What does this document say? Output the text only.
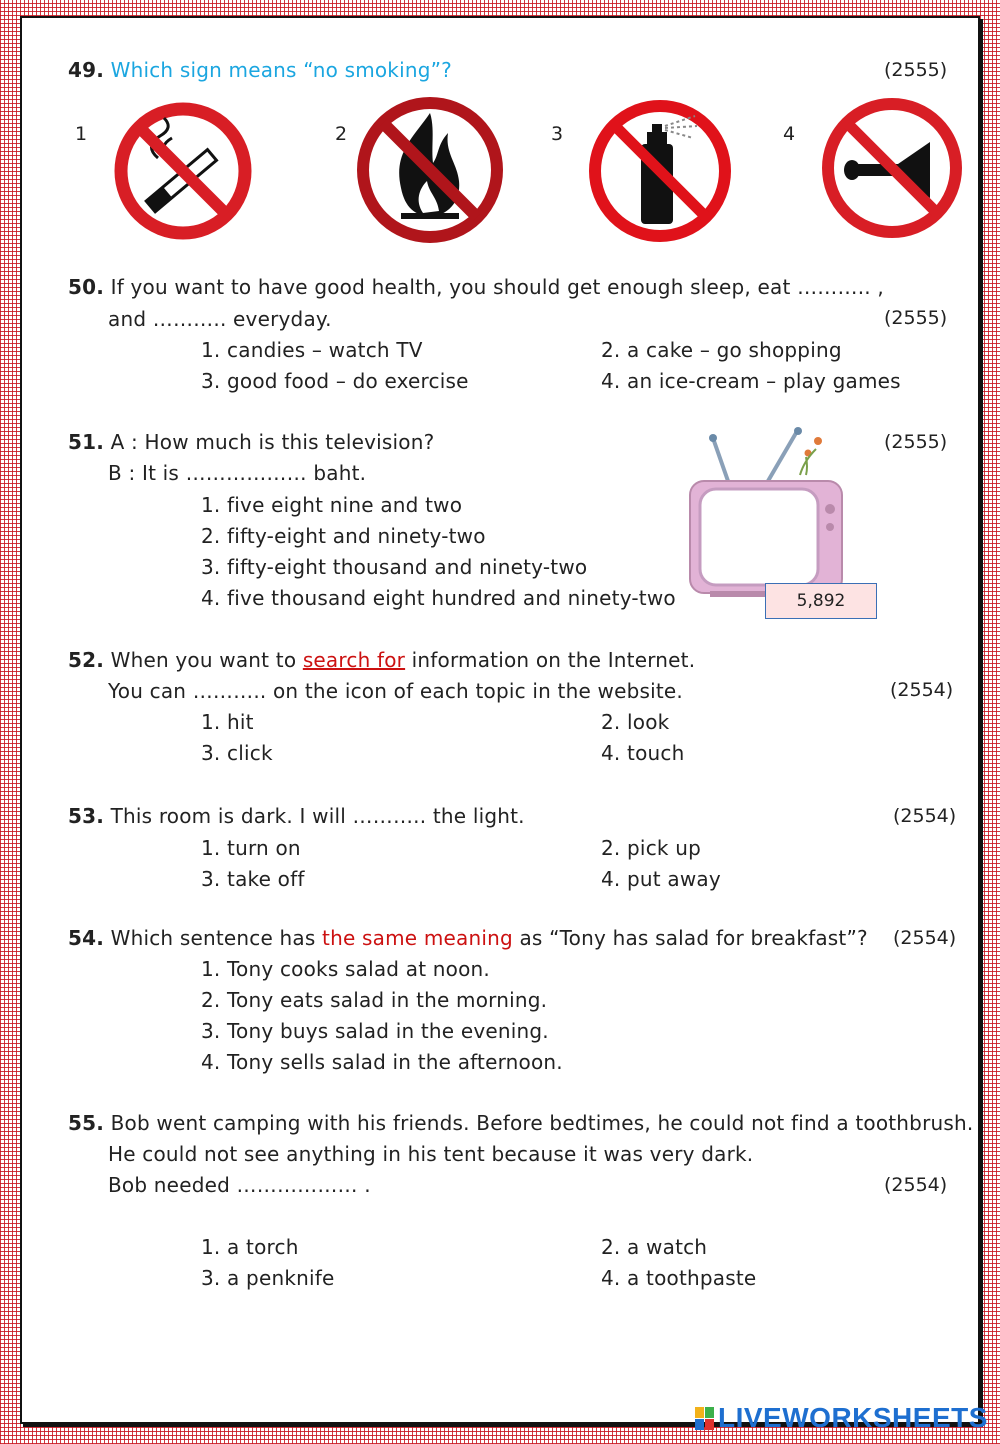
49. Which sign means “no smoking”?	(2555)
1	2	3	4
50. If you want to have good health, you should get enough sleep, eat ……….. ,
and ……….. everyday.	(2555)
1. candies – watch TV	2. a cake – go shopping
3. good food – do exercise	4. an ice-cream – play games
51. A : How much is this television?
B : It is ……………… baht.
(2555)
1. five eight nine and two
2. fifty-eight and ninety-two
3. fifty-eight thousand and ninety-two
4. five thousand eight hundred and ninety-two	5,892
52. When you want to search for information on the Internet.
You can ……….. on the icon of each topic in the website.	(2554)
1. hit	2. look
3. click	4. touch
53. This room is dark. I will ……….. the light.	(2554)
1. turn on	2. pick up
3. take off	4. put away
54. Which sentence has the same meaning as “Tony has salad for breakfast”? (2554)
1. Tony cooks salad at noon.
2. Tony eats salad in the morning.
3. Tony buys salad in the evening.
4. Tony sells salad in the afternoon.
55. Bob went camping with his friends. Before bedtimes, he could not find a toothbrush.
He could not see anything in his tent because it was very dark.
Bob needed ……………… .	(2554)
1. a torch	2. a watch
3. a penknife	4. a toothpaste
LIVEWORKSHEETS
